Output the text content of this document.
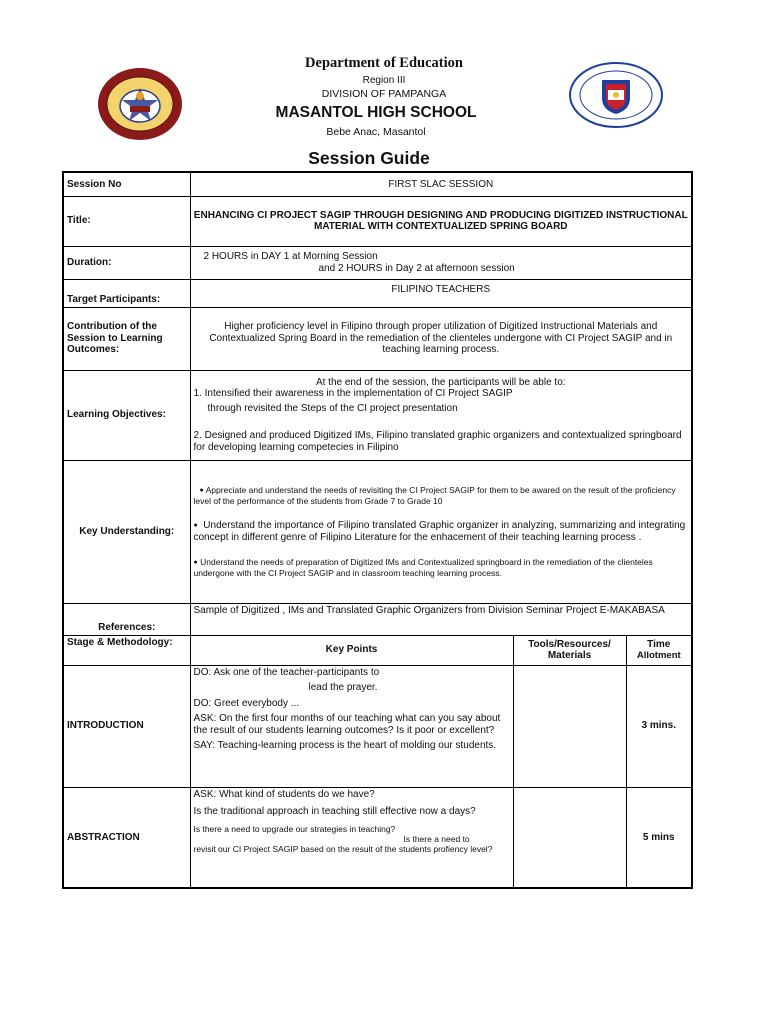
Department of Education
Region III
DIVISION OF PAMPANGA
MASANTOL HIGH SCHOOL
Bebe Anac, Masantol
Session Guide
Session No	FIRST SLAC SESSION		
Title:	ENHANCING CI PROJECT SAGIP THROUGH DESIGNING AND PRODUCING DIGITIZED INSTRUCTIONAL MATERIAL WITH CONTEXTUALIZED SPRING BOARD		
Duration:	2 HOURS in DAY 1 at Morning Session
and 2 HOURS in Day 2 at afternoon session		

Target Participants:	FILIPINO TEACHERS		
Contribution of the Session to Learning Outcomes:	Higher proficiency level in Filipino through proper utilization of Digitized Instructional Materials and Contextualized Spring Board in the remediation of the clienteles undergone with CI Project SAGIP and in teaching learning process.		
Learning Objectives:	At the end of the session, the participants will be able to:

1. Intensified their awareness in the implementation of CI Project SAGIP

through revisited the Steps of the CI project presentation

2. Designed and produced Digitized IMs, Filipino translated graphic organizers and contextualized springboard for developing learning competecies in Filipino		

Key Understanding:	● Appreciate and understand the needs of revisiting the CI Project SAGIP for them to be awared on the result of the proficiency level of the performance of the students from Grade 7 to Grade 10

● Understand the importance of Filipino translated Graphic organizer in analyzing, summarizing and integrating concept in different genre of Filipino Literature for the enhacement of their teaching learning process .

● Understand the needs of preparation of Digitized IMs and Contextualized springboard in the remediation of the clienteles undergone with the CI Project SAGIP and in classroom teaching learning process.		

References:	Sample of Digitized , IMs and Translated Graphic Organizers from Division Seminar Project E-MAKABASA		
Stage & Methodology:	Key Points	Tools/Resources/ Materials	Time
Allotment

INTRODUCTION	DO: Ask one of the teacher-participants to

lead the prayer.

DO: Greet everybody ...

ASK: On the first four months of our teaching what can you say about the result of our students learning outcomes? Is it poor or excellent?

SAY: Teaching-learning process is the heart of molding our students.		3 mins.
ABSTRACTION	ASK: What kind of students do we have?

Is the traditional approach in teaching still effective now a days?

Is there a need to upgrade our strategies in teaching?

Is there a need to

revisit our CI Project SAGIP based on the result of the students profiency level?		5 mins
